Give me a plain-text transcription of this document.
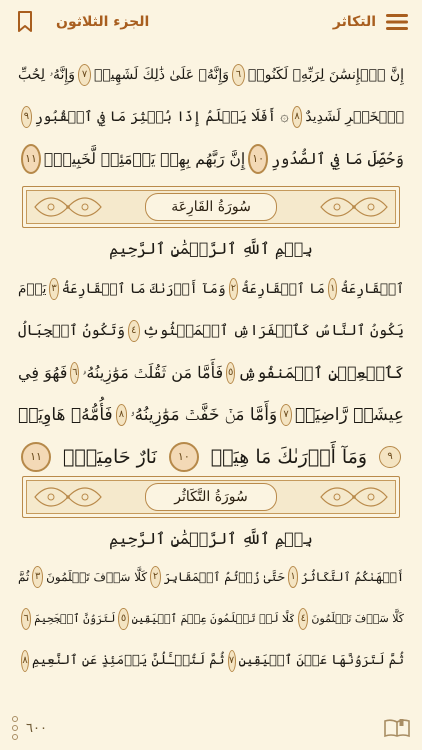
الجزء الثلاثون	التكاثر
إِنَّ ٱلۡإِنسَٰنَ لِرَبِّهِۦ لَكَنُودٞ
٦
وَإِنَّهُۥ عَلَىٰ ذَٰلِكَ لَشَهِيدٞ
٧
وَإِنَّهُۥ لِحُبِّ
ٱلۡخَيۡرِ لَشَدِيدٌ
٨
۞ أَفَلَا يَعۡلَمُ إِذَا بُعۡثِرَ مَا فِي ٱلۡقُبُورِ
٩
وَحُصِّلَ مَا فِي ٱلصُّدُورِ
١٠
إِنَّ رَبَّهُم بِهِمۡ يَوۡمَئِذٖ لَّخَبِيرُۢ
١١
سُورَةُ القَارِعَة
بِسۡمِ ٱللَّهِ ٱلرَّحۡمَٰنِ ٱلرَّحِيمِ
ٱلۡقَارِعَةُ
١
مَا ٱلۡقَارِعَةُ
٢
وَمَآ أَدۡرَىٰكَ مَا ٱلۡقَارِعَةُ
٣
يَوۡمَ
يَكُونُ ٱلنَّاسُ كَٱلۡفَرَاشِ ٱلۡمَبۡثُوثِ
٤
وَتَكُونُ ٱلۡجِبَالُ
كَٱلۡعِهۡنِ ٱلۡمَنفُوشِ
٥
فَأَمَّا مَن ثَقُلَتۡ مَوَٰزِينُهُۥ
٦
فَهُوَ فِي
عِيشَةٖ رَّاضِيَةٖ
٧
وَأَمَّا مَنۡ خَفَّتۡ مَوَٰزِينُهُۥ
٨
فَأُمُّهُۥ هَاوِيَةٞ
٩
وَمَآ أَدۡرَىٰكَ مَا هِيَهۡ
١٠
نَارٌ حَامِيَةُۢ
١١
سُورَةُ التَّكَاثُر
بِسۡمِ ٱللَّهِ ٱلرَّحۡمَٰنِ ٱلرَّحِيمِ
أَلۡهَىٰكُمُ ٱلتَّكَاثُرُ
١
حَتَّىٰ زُرۡتُمُ ٱلۡمَقَابِرَ
٢
كَلَّا سَوۡفَ تَعۡلَمُونَ
٣
ثُمَّ
كَلَّا سَوۡفَ تَعۡلَمُونَ
٤
كَلَّا لَوۡ تَعۡلَمُونَ عِلۡمَ ٱلۡيَقِينِ
٥
لَتَرَوُنَّ ٱلۡجَحِيمَ
٦
ثُمَّ لَتَرَوُنَّهَا عَيۡنَ ٱلۡيَقِينِ
٧
ثُمَّ لَتُسۡـَٔلُنَّ يَوۡمَئِذٍ عَنِ ٱلنَّعِيمِ
٨
٦٠٠
